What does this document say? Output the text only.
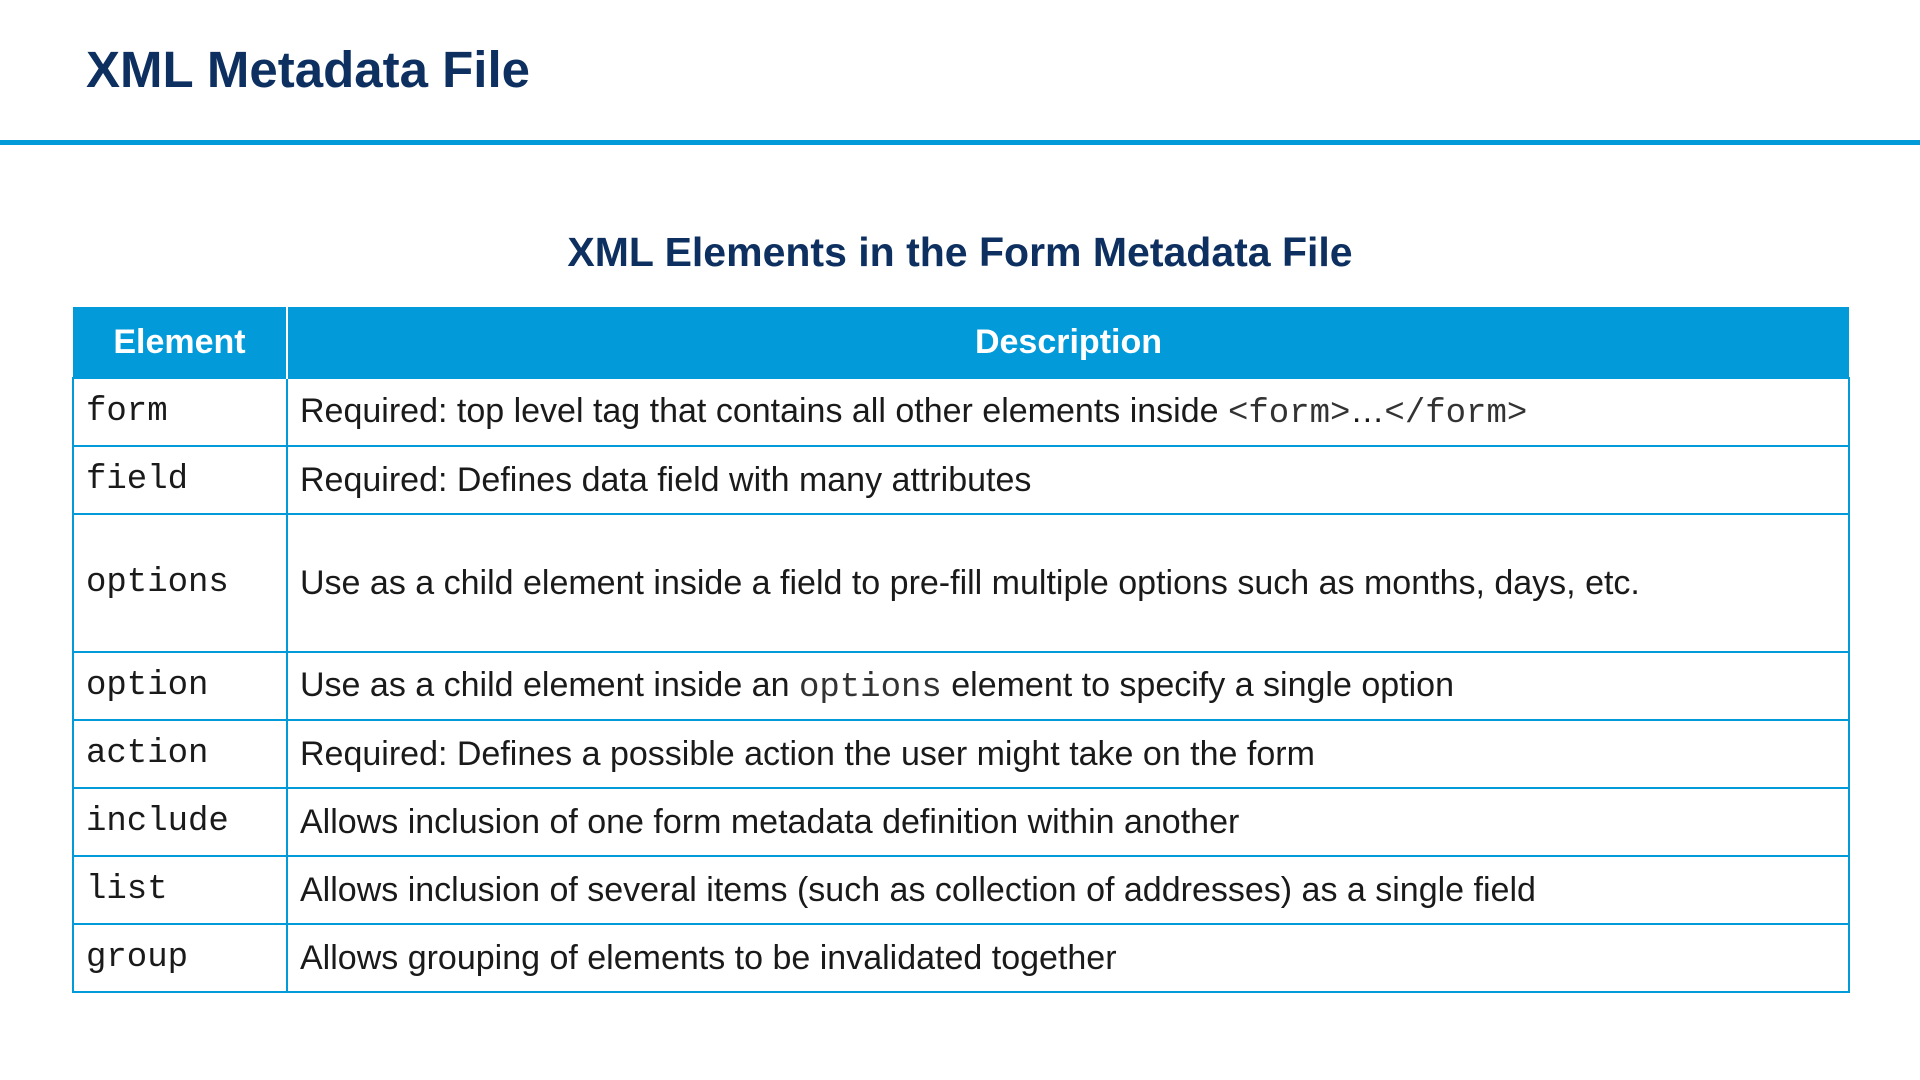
XML Metadata File
XML Elements in the Form Metadata File
Element	Description
form	Required: top level tag that contains all other elements inside <form>…</form>
field	Required: Defines data field with many attributes
options	Use as a child element inside a field to pre-fill multiple options such as months, days, etc.
option	Use as a child element inside an options element to specify a single option
action	Required: Defines a possible action the user might take on the form
include	Allows inclusion of one form metadata definition within another
list	Allows inclusion of several items (such as collection of addresses) as a single field
group	Allows grouping of elements to be invalidated together
